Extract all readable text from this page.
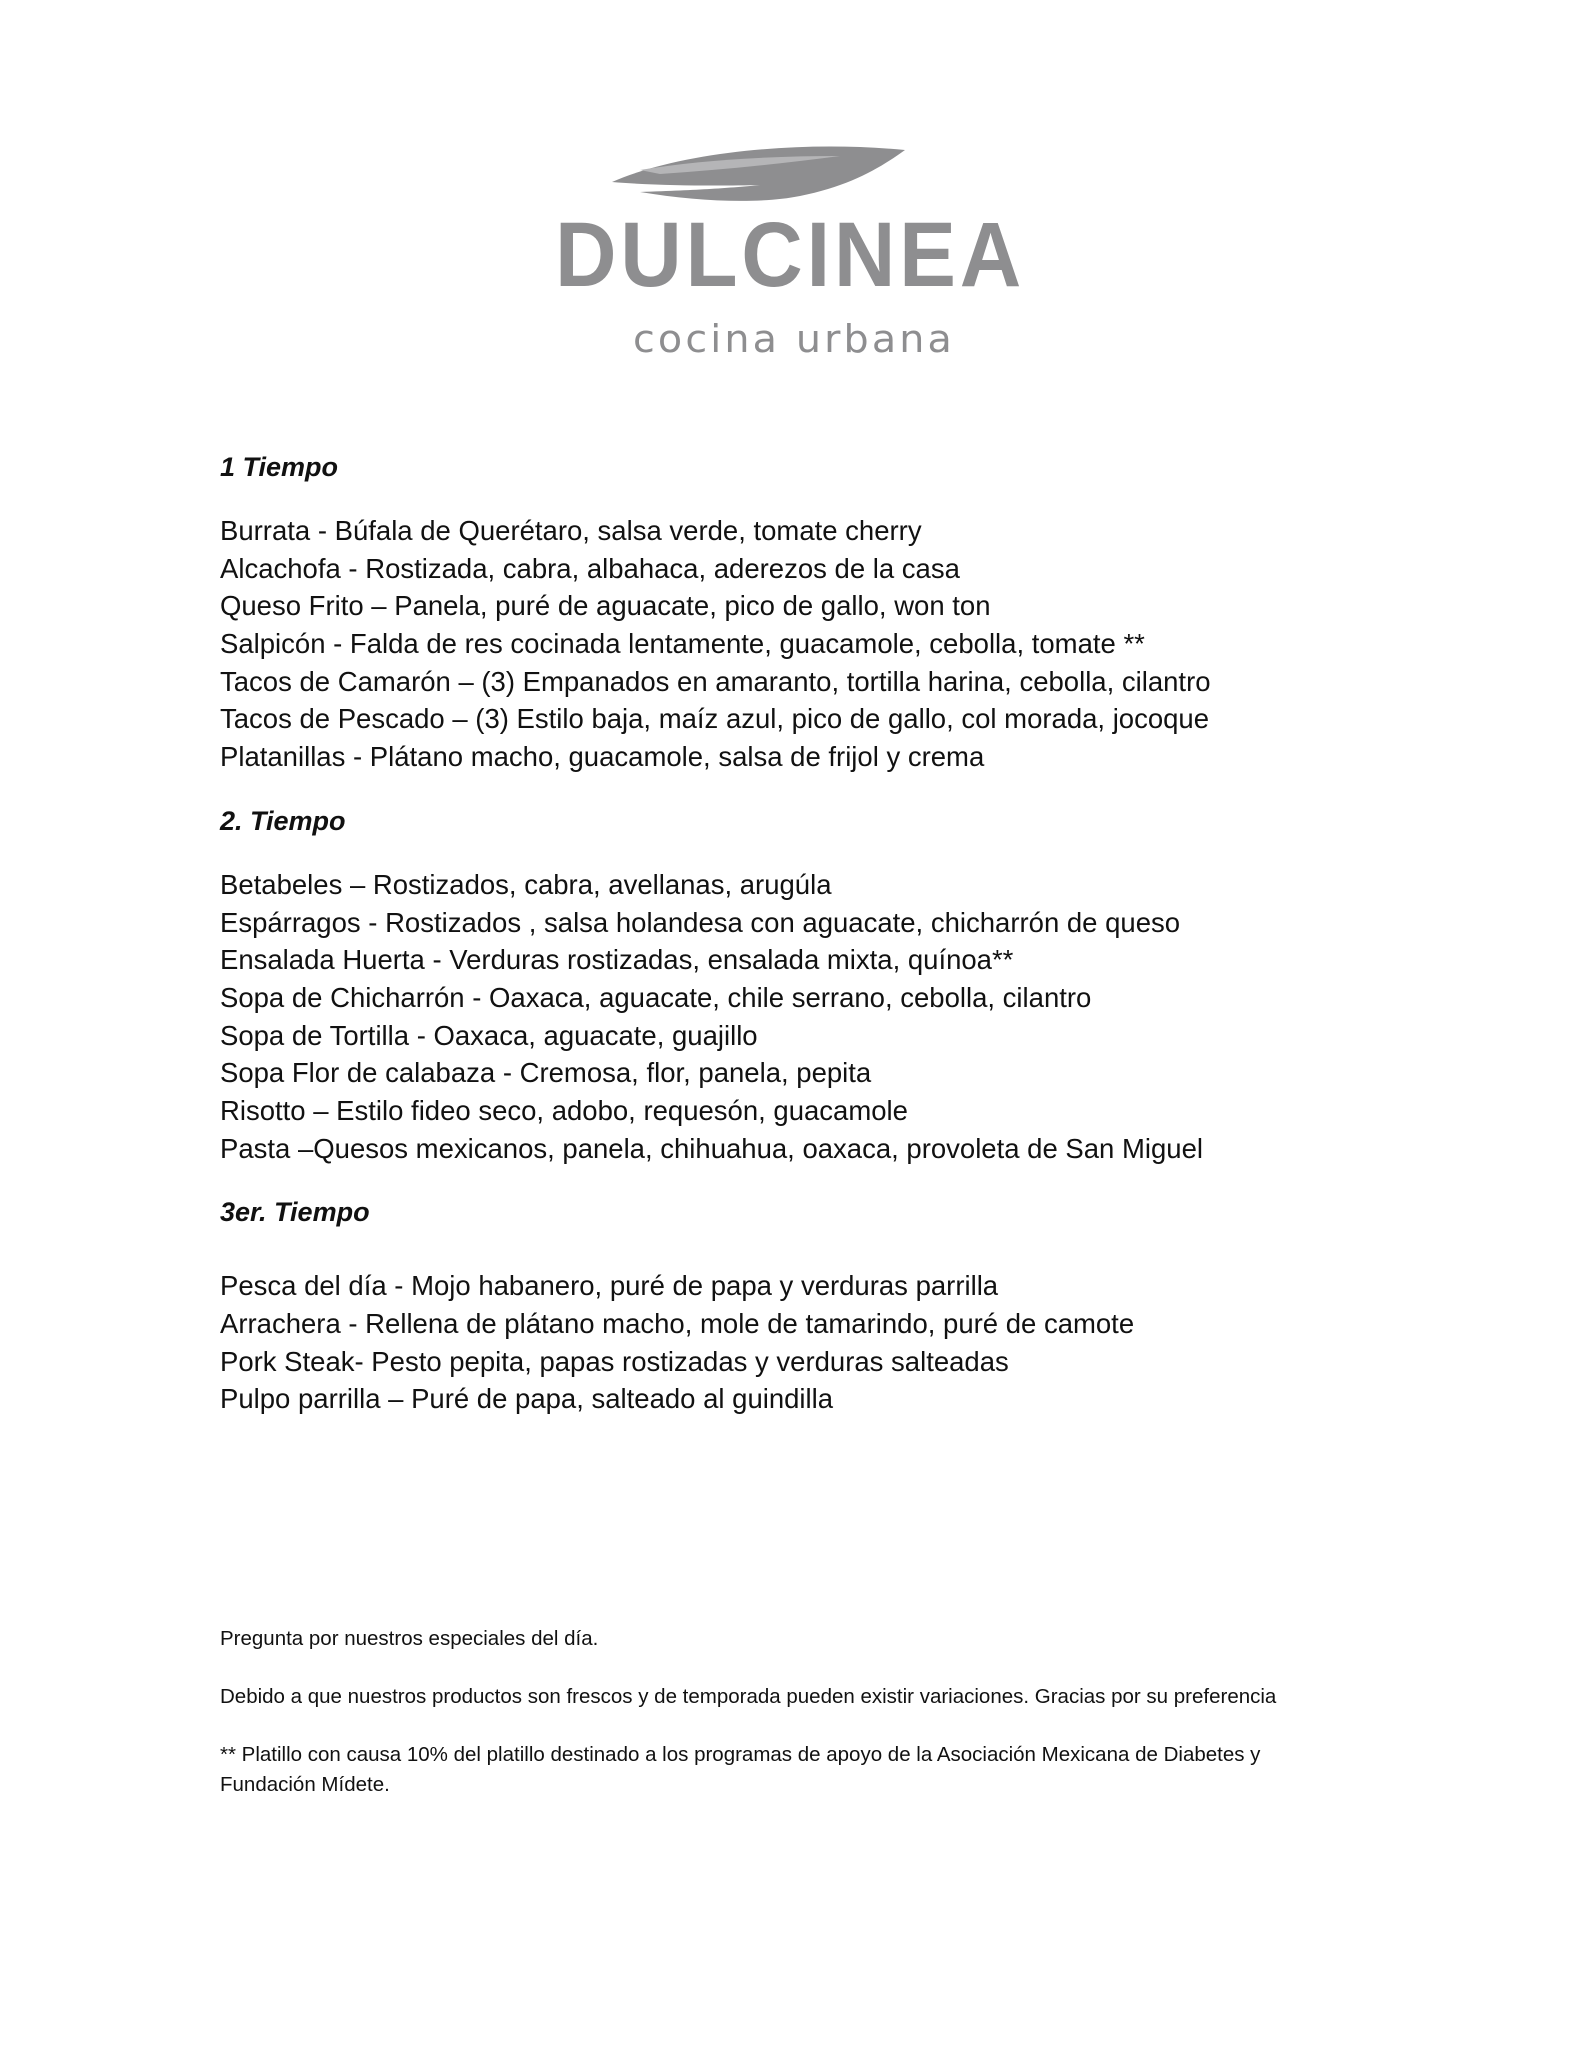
DULCINEA
cocina urbana
1 Tiempo
Burrata - Búfala de Querétaro, salsa verde, tomate cherry
Alcachofa - Rostizada, cabra, albahaca, aderezos de la casa
Queso Frito – Panela, puré de aguacate, pico de gallo, won ton
Salpicón - Falda de res cocinada lentamente, guacamole, cebolla, tomate **
Tacos de Camarón – (3) Empanados en amaranto, tortilla harina, cebolla, cilantro
Tacos de Pescado – (3) Estilo baja, maíz azul, pico de gallo, col morada, jocoque
Platanillas - Plátano macho, guacamole, salsa de frijol y crema
2. Tiempo
Betabeles – Rostizados, cabra, avellanas, arugúla
Espárragos - Rostizados , salsa holandesa con aguacate, chicharrón de queso
Ensalada Huerta - Verduras rostizadas, ensalada mixta, quínoa**
Sopa de Chicharrón - Oaxaca, aguacate, chile serrano, cebolla, cilantro
Sopa de Tortilla - Oaxaca, aguacate, guajillo
Sopa Flor de calabaza - Cremosa, flor, panela, pepita
Risotto – Estilo fideo seco, adobo, requesón, guacamole
Pasta –Quesos mexicanos, panela, chihuahua, oaxaca, provoleta de San Miguel
3er. Tiempo
Pesca del día - Mojo habanero, puré de papa y verduras parrilla
Arrachera - Rellena de plátano macho, mole de tamarindo, puré de camote
Pork Steak- Pesto pepita, papas rostizadas y verduras salteadas
Pulpo parrilla – Puré de papa, salteado al guindilla

Pregunta por nuestros especiales del día.

Debido a que nuestros productos son frescos y de temporada pueden existir variaciones. Gracias por su preferencia

** Platillo con causa 10% del platillo destinado a los programas de apoyo de la Asociación Mexicana de Diabetes y Fundación Mídete.
